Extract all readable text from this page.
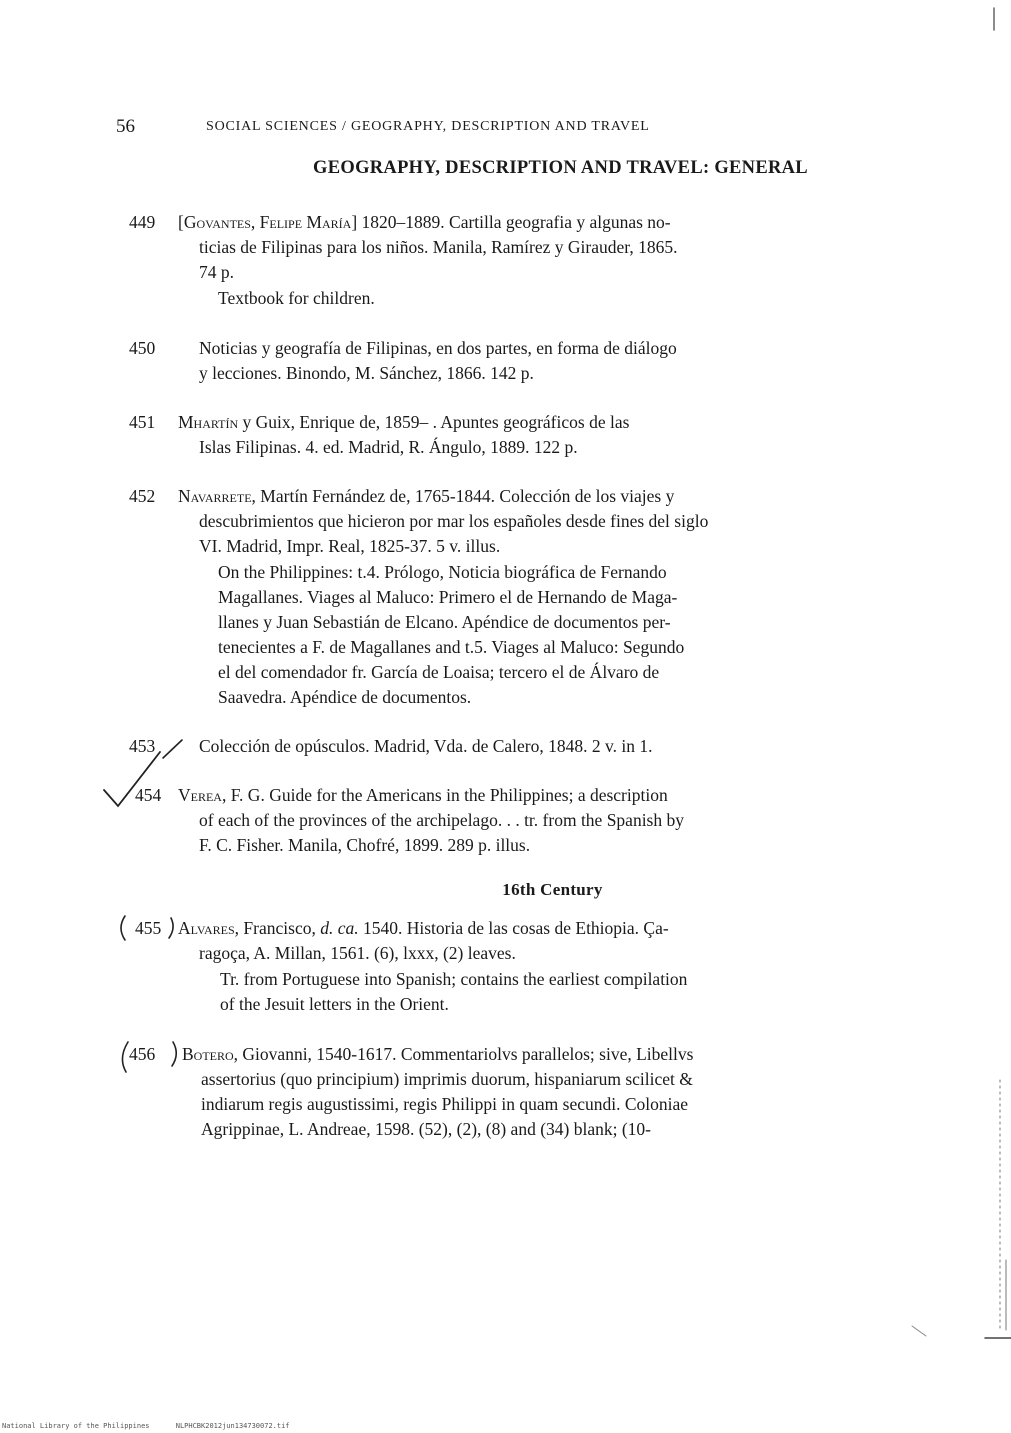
56	SOCIAL SCIENCES / GEOGRAPHY, DESCRIPTION AND TRAVEL
GEOGRAPHY, DESCRIPTION AND TRAVEL: GENERAL
449 [Govantes, Felipe María] 1820–1889. Cartilla geografia y algunas no-
ticias de Filipinas para los niños. Manila, Ramírez y Girauder, 1865.
74 p.
Textbook for children.
450	Noticias y geografía de Filipinas, en dos partes, en forma de diálogo
y lecciones. Binondo, M. Sánchez, 1866. 142 p.
451 Mhartín y Guix, Enrique de, 1859– . Apuntes geográficos de las
Islas Filipinas. 4. ed. Madrid, R. Ángulo, 1889. 122 p.
452 Navarrete, Martín Fernández de, 1765-1844. Colección de los viajes y
descubrimientos que hicieron por mar los españoles desde fines del siglo
VI. Madrid, Impr. Real, 1825-37. 5 v. illus.
On the Philippines: t.4. Prólogo, Noticia biográfica de Fernando
Magallanes. Viages al Maluco: Primero el de Hernando de Maga-
llanes y Juan Sebastián de Elcano. Apéndice de documentos per-
tenecientes a F. de Magallanes and t.5. Viages al Maluco: Segundo
el del comendador fr. García de Loaisa; tercero el de Álvaro de
Saavedra. Apéndice de documentos.
453	Colección de opúsculos. Madrid, Vda. de Calero, 1848. 2 v. in 1.
454 Verea, F. G. Guide for the Americans in the Philippines; a description
of each of the provinces of the archipelago. . . tr. from the Spanish by
F. C. Fisher. Manila, Chofré, 1899. 289 p. illus.
16th Century
455 Alvares, Francisco, d. ca. 1540. Historia de las cosas de Ethiopia. Ça-
ragoça, A. Millan, 1561. (6), lxxx, (2) leaves.
Tr. from Portuguese into Spanish; contains the earliest compilation
of the Jesuit letters in the Orient.
456 Botero, Giovanni, 1540-1617. Commentariolvs parallelos; sive, Libellvs
assertorius (quo principium) imprimis duorum, hispaniarum scilicet &
indiarum regis augustissimi, regis Philippi in quam secundi. Coloniae
Agrippinae, L. Andreae, 1598. (52), (2), (8) and (34) blank; (10-
National Library of the Philippines	NLPHCBK2012jun134730072.tif
